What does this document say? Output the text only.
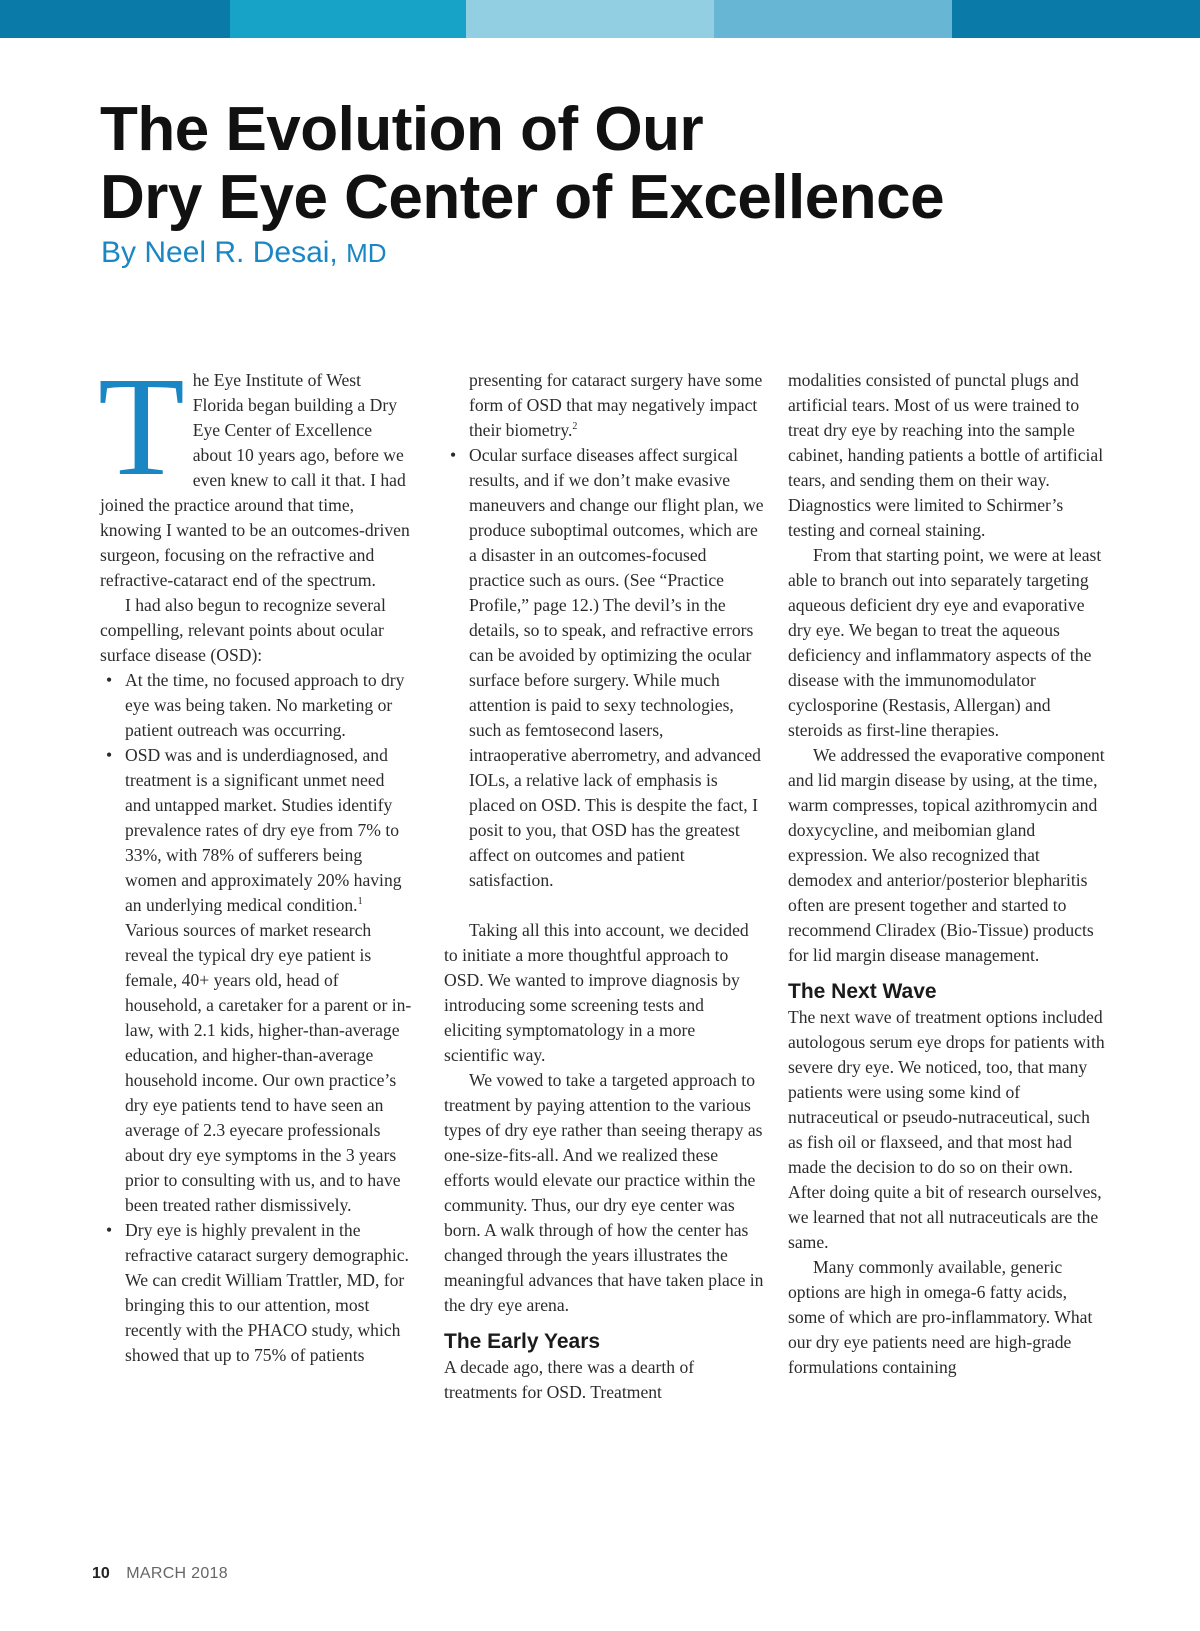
The Evolution of Our
Dry Eye Center of Excellence
By Neel R. Desai, MD

The Eye Institute of West Florida began building a Dry Eye Center of Excellence about 10 years ago, before we even knew to call it that. I had joined the practice around that time, knowing I wanted to be an outcomes-driven surgeon, focusing on the refractive and refractive-cataract end of the spectrum.

I had also begun to recognize several compelling, relevant points about ocular surface disease (OSD):

• At the time, no focused approach to dry eye was being taken. No marketing or patient outreach was occurring.

• OSD was and is underdiagnosed, and treatment is a significant unmet need and untapped market. Studies identify prevalence rates of dry eye from 7% to 33%, with 78% of sufferers being women and approximately 20% having an underlying medical condition.$^1$ Various sources of market research reveal the typical dry eye patient is female, 40+ years old, head of household, a caretaker for a parent or in-law, with 2.1 kids, higher-than-average education, and higher-than-average household income. Our own practice’s dry eye patients tend to have seen an average of 2.3 eyecare professionals about dry eye symptoms in the 3 years prior to consulting with us, and to have been treated rather dismissively.

• Dry eye is highly prevalent in the refractive cataract surgery demographic. We can credit William Trattler, MD, for bringing this to our attention, most recently with the PHACO study, which showed that up to 75% of patients

presenting for cataract surgery have some form of OSD that may negatively impact their biometry.$^2$

• Ocular surface diseases affect surgical results, and if we don’t make evasive maneuvers and change our flight plan, we produce suboptimal outcomes, which are a disaster in an outcomes-focused practice such as ours. (See “Practice Profile,” page 12.) The devil’s in the details, so to speak, and refractive errors can be avoided by optimizing the ocular surface before surgery. While much attention is paid to sexy technologies, such as femtosecond lasers, intraoperative aberrometry, and advanced IOLs, a relative lack of emphasis is placed on OSD. This is despite the fact, I posit to you, that OSD has the greatest affect on outcomes and patient satisfaction.

Taking all this into account, we decided to initiate a more thoughtful approach to OSD. We wanted to improve diagnosis by introducing some screening tests and eliciting symptomatology in a more scientific way.

We vowed to take a targeted approach to treatment by paying attention to the various types of dry eye rather than seeing therapy as one-size-fits-all. And we realized these efforts would elevate our practice within the community. Thus, our dry eye center was born. A walk through of how the center has changed through the years illustrates the meaningful advances that have taken place in the dry eye arena.

The Early Years

A decade ago, there was a dearth of treatments for OSD. Treatment

modalities consisted of punctal plugs and artificial tears. Most of us were trained to treat dry eye by reaching into the sample cabinet, handing patients a bottle of artificial tears, and sending them on their way. Diagnostics were limited to Schirmer’s testing and corneal staining.

From that starting point, we were at least able to branch out into separately targeting aqueous deficient dry eye and evaporative dry eye. We began to treat the aqueous deficiency and inflammatory aspects of the disease with the immunomodulator cyclosporine (Restasis, Allergan) and steroids as first-line therapies.

We addressed the evaporative component and lid margin disease by using, at the time, warm compresses, topical azithromycin and doxycycline, and meibomian gland expression. We also recognized that demodex and anterior/posterior blepharitis often are present together and started to recommend Cliradex (Bio-Tissue) products for lid margin disease management.

The Next Wave

The next wave of treatment options included autologous serum eye drops for patients with severe dry eye. We noticed, too, that many patients were using some kind of nutraceutical or pseudo-nutraceutical, such as fish oil or flaxseed, and that most had made the decision to do so on their own. After doing quite a bit of research ourselves, we learned that not all nutraceuticals are the same.

Many commonly available, generic options are high in omega-6 fatty acids, some of which are pro-inflammatory. What our dry eye patients need are high-grade formulations containing

10 MARCH 2018
